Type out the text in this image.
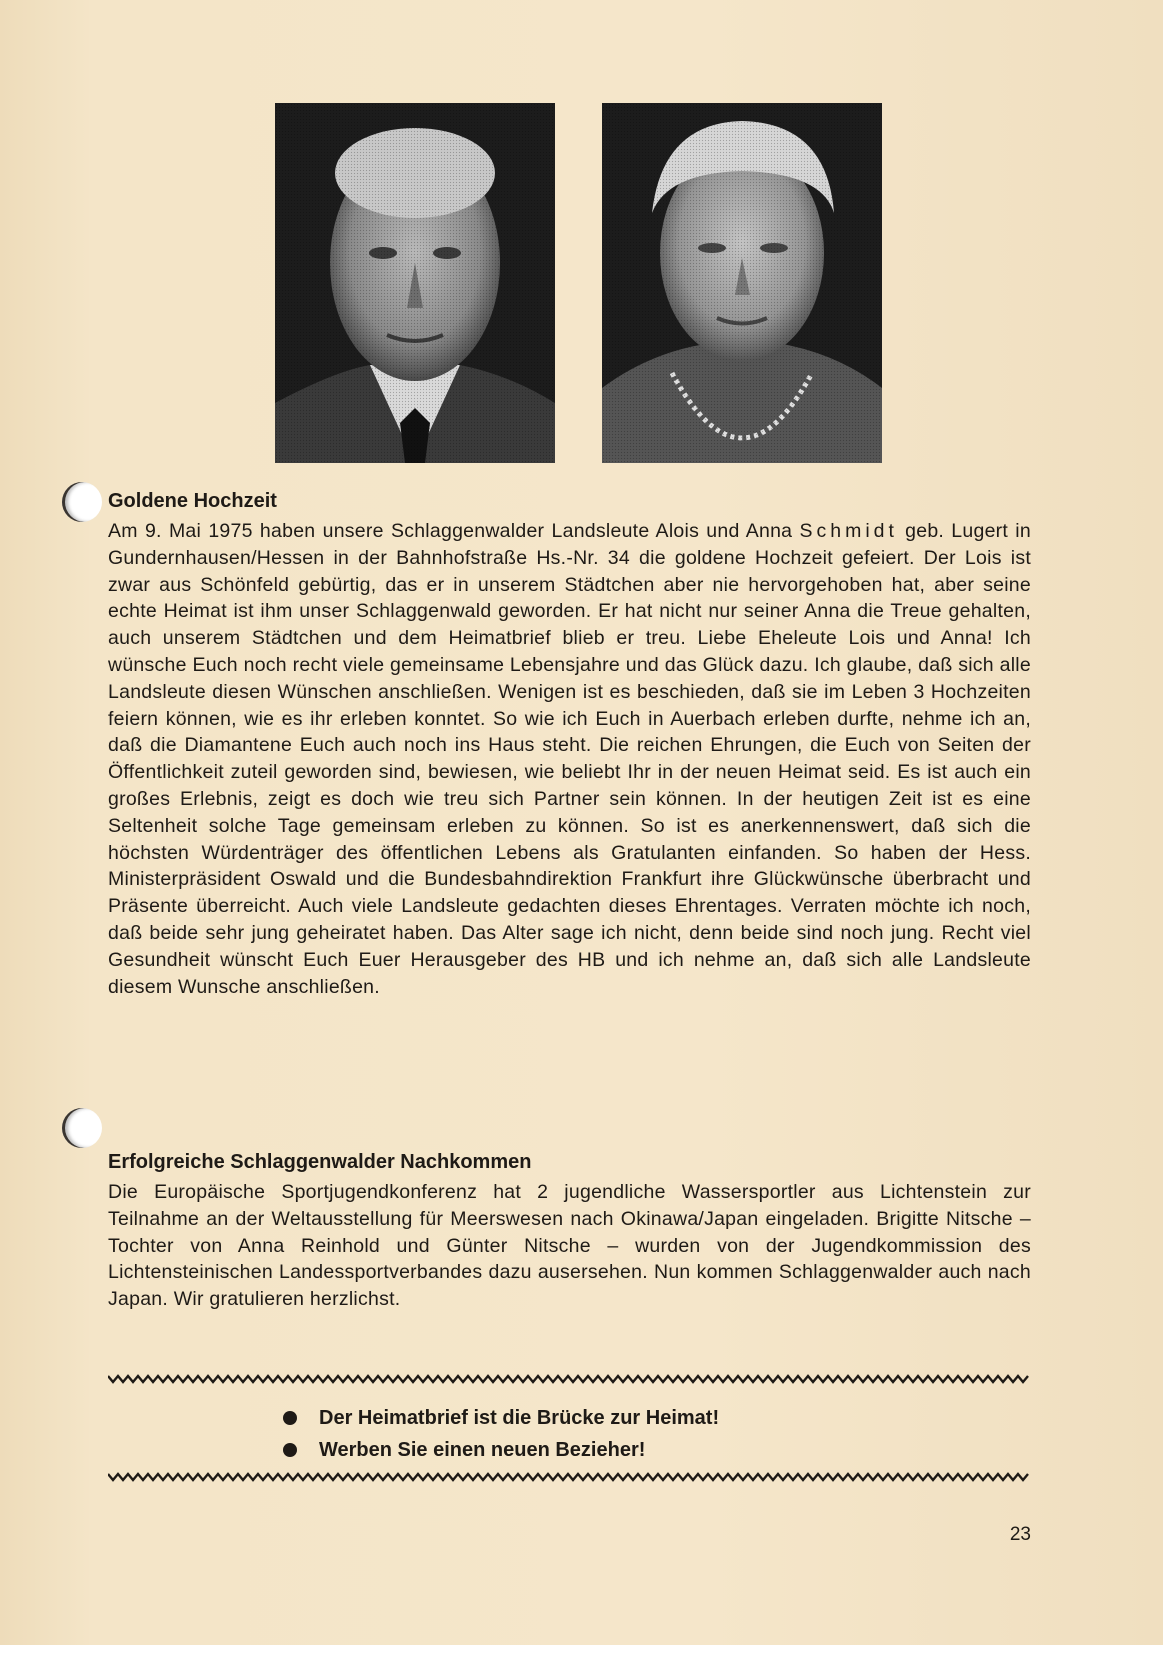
Goldene Hochzeit

Am 9. Mai 1975 haben unsere Schlaggenwalder Landsleute Alois und Anna Schmidt geb. Lugert in Gundernhausen/Hessen in der Bahnhofstraße Hs.-Nr. 34 die goldene Hochzeit gefeiert. Der Lois ist zwar aus Schönfeld gebürtig, das er in unserem Städtchen aber nie hervorgehoben hat, aber seine echte Heimat ist ihm unser Schlaggenwald geworden. Er hat nicht nur seiner Anna die Treue gehalten, auch unserem Städtchen und dem Heimatbrief blieb er treu. Liebe Eheleute Lois und Anna! Ich wünsche Euch noch recht viele gemeinsame Lebensjahre und das Glück dazu. Ich glaube, daß sich alle Landsleute diesen Wünschen anschließen. Wenigen ist es beschieden, daß sie im Leben 3 Hochzeiten feiern können, wie es ihr erleben konntet. So wie ich Euch in Auerbach erleben durfte, nehme ich an, daß die Diamantene Euch auch noch ins Haus steht. Die reichen Ehrungen, die Euch von Seiten der Öffentlichkeit zuteil geworden sind, bewiesen, wie beliebt Ihr in der neuen Heimat seid. Es ist auch ein großes Erlebnis, zeigt es doch wie treu sich Partner sein können. In der heutigen Zeit ist es eine Seltenheit solche Tage gemeinsam erleben zu können. So ist es anerkennenswert, daß sich die höchsten Würdenträger des öffentlichen Lebens als Gratulanten einfanden. So haben der Hess. Ministerpräsident Oswald und die Bundesbahndirektion Frankfurt ihre Glückwünsche überbracht und Präsente überreicht. Auch viele Landsleute gedachten dieses Ehrentages. Verraten möchte ich noch, daß beide sehr jung geheiratet haben. Das Alter sage ich nicht, denn beide sind noch jung. Recht viel Gesundheit wünscht Euch Euer Herausgeber des HB und ich nehme an, daß sich alle Landsleute diesem Wunsche anschließen.

Erfolgreiche Schlaggenwalder Nachkommen

Die Europäische Sportjugendkonferenz hat 2 jugendliche Wassersportler aus Lichtenstein zur Teilnahme an der Weltausstellung für Meerswesen nach Okinawa/Japan eingeladen. Brigitte Nitsche – Tochter von Anna Reinhold und Günter Nitsche – wurden von der Jugendkommission des Lichtensteinischen Landessportverbandes dazu ausersehen. Nun kommen Schlaggenwalder auch nach Japan. Wir gratulieren herzlichst.

Der Heimatbrief ist die Brücke zur Heimat!
Werben Sie einen neuen Bezieher!
23
